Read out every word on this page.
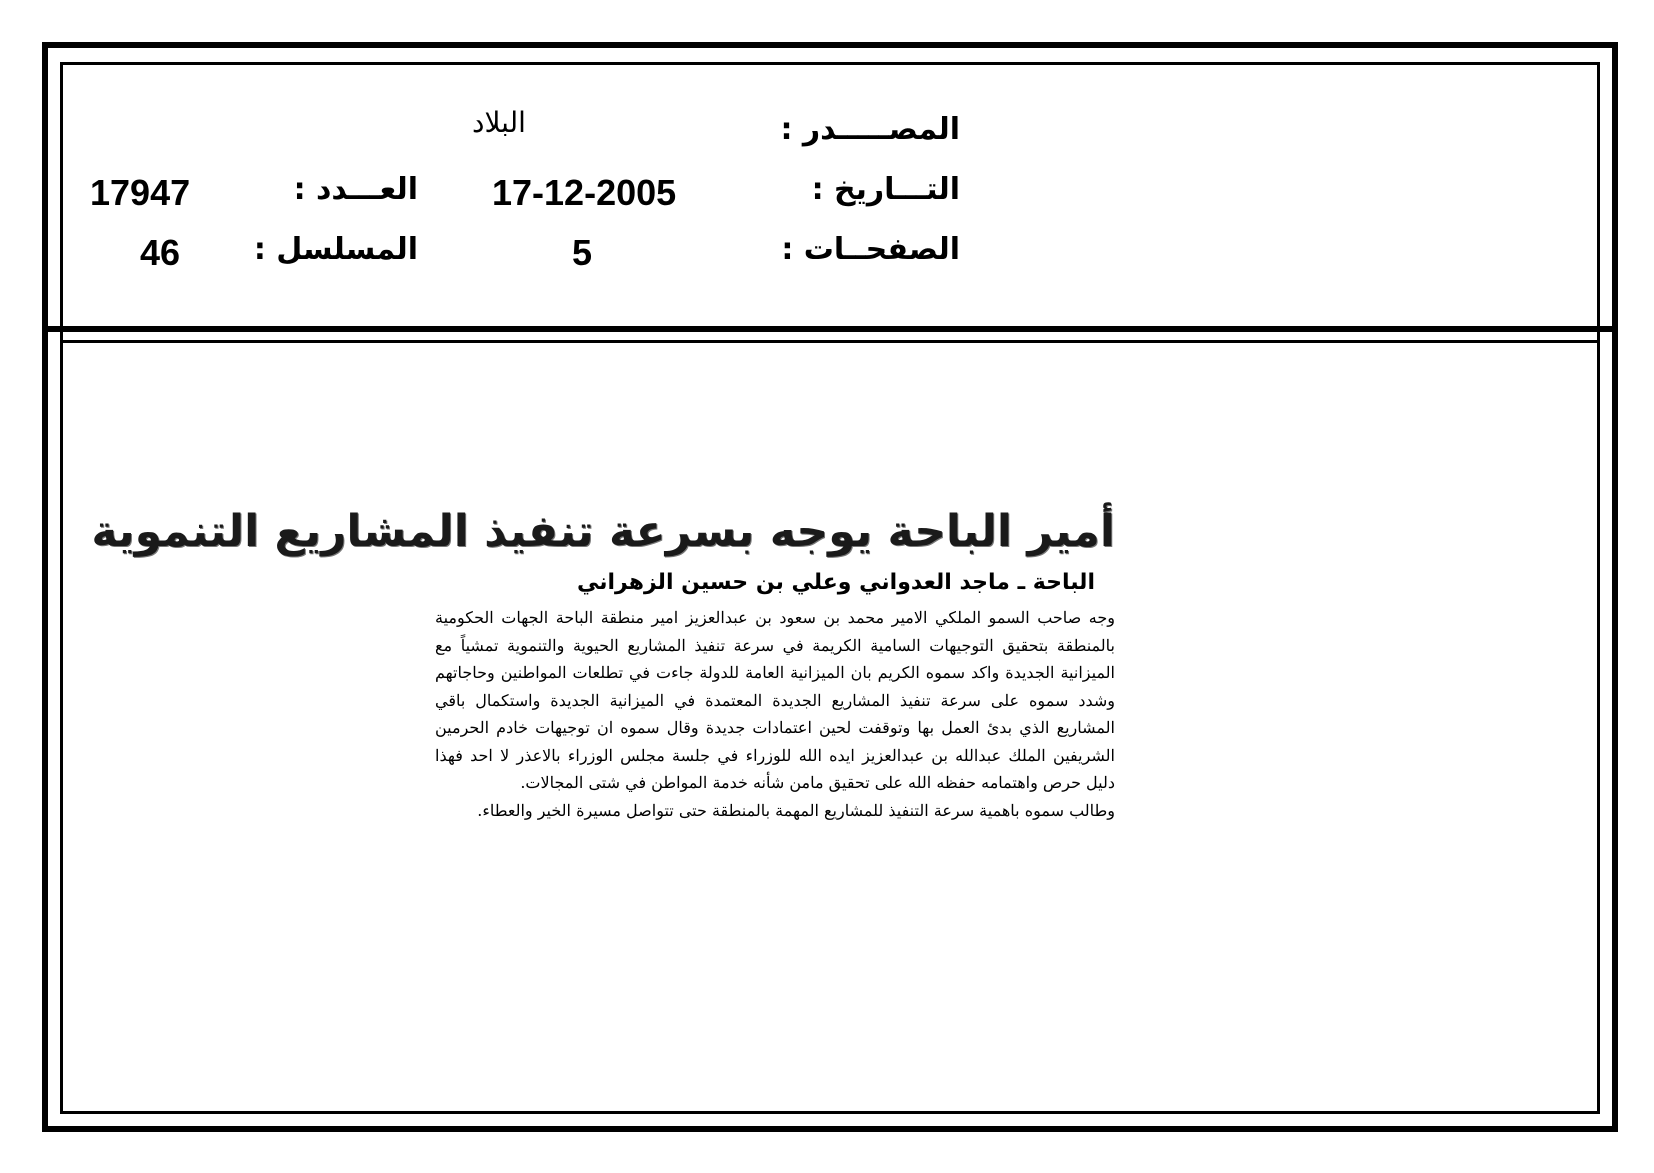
المصـــــدر :
البلاد
التـــاريخ :
17-12-2005
العـــدد :
17947
الصفحــات :
5
المسلسل :
46
أمير الباحة يوجه بسرعة تنفيذ المشاريع التنموية
الباحة ـ ماجد العدواني وعلي بن حسين الزهراني

وجه صاحب السمو الملكي الامير محمد بن سعود بن عبدالعزيز امير منطقة الباحة الجهات الحكومية بالمنطقة بتحقيق التوجيهات السامية الكريمة في سرعة تنفيذ المشاريع الحيوية والتنموية تمشياً مع الميزانية الجديدة واكد سموه الكريم بان الميزانية العامة للدولة جاءت في تطلعات المواطنين وحاجاتهم وشدد سموه على سرعة تنفيذ المشاريع الجديدة المعتمدة في الميزانية الجديدة واستكمال باقي المشاريع الذي بدئ العمل بها وتوقفت لحين اعتمادات جديدة وقال سموه ان توجيهات خادم الحرمين الشريفين الملك عبدالله بن عبدالعزيز ايده الله للوزراء في جلسة مجلس الوزراء بالاعذر لا احد فهذا دليل حرص واهتمامه حفظه الله على تحقيق مامن شأنه خدمة المواطن في شتى المجالات.

وطالب سموه باهمية سرعة التنفيذ للمشاريع المهمة بالمنطقة حتى تتواصل مسيرة الخير والعطاء.
